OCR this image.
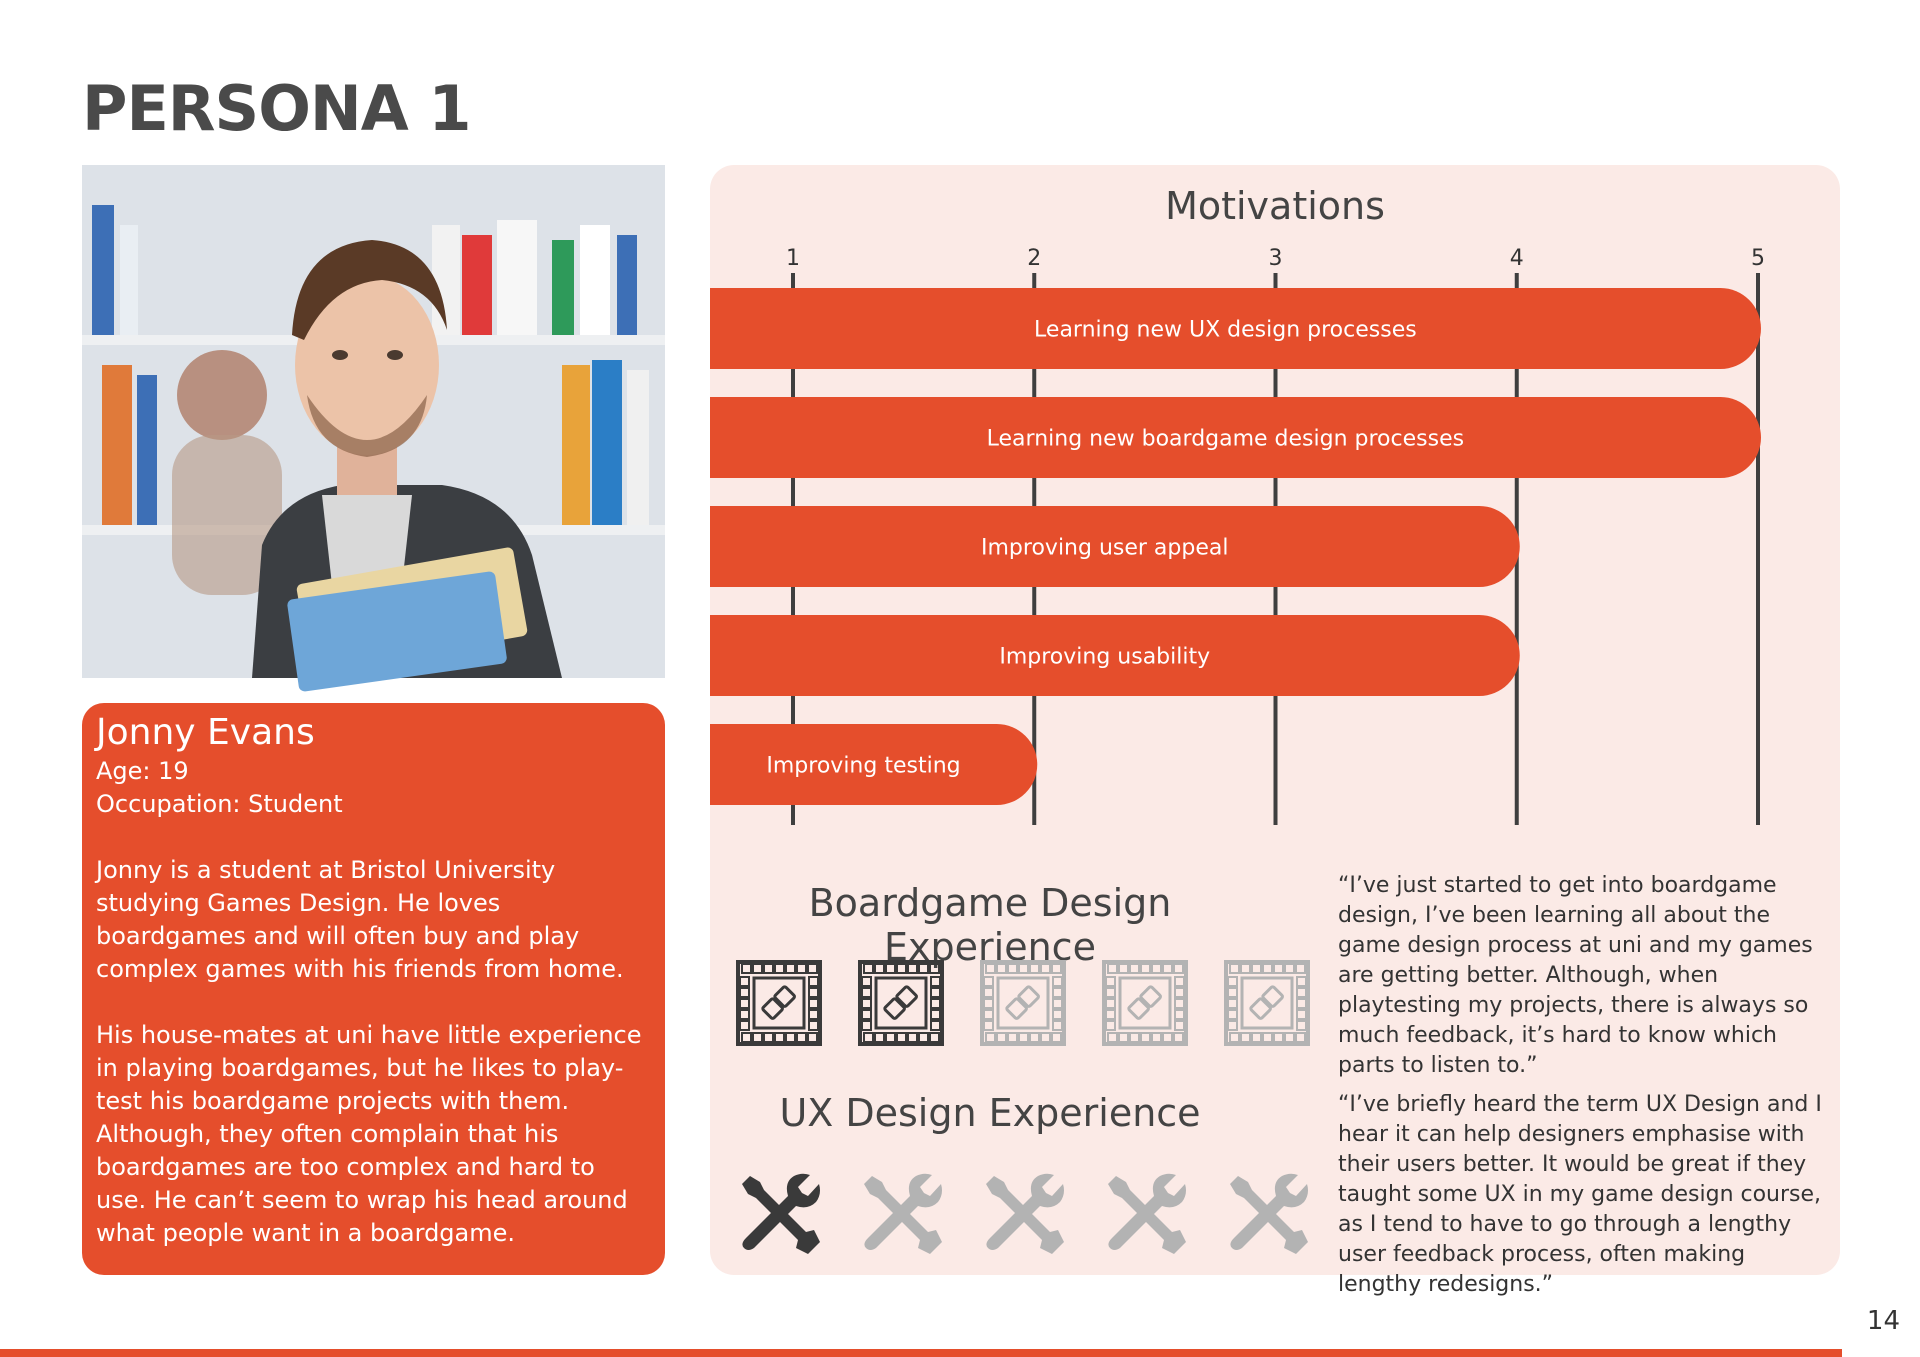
PERSONA 1
Jonny Evans

Age: 19

Occupation: Student

Jonny is a student at Bristol University studying Games Design. He loves boardgames and will often buy and play complex games with his friends from home.

His house-mates at uni have little experience in playing boardgames, but he likes to play-test his boardgame projects with them. Although, they often complain that his boardgames are too complex and hard to use. He can’t seem to wrap his head around what people want in a boardgame.

Motivations
1	2	3	4	5
Learning new UX design processes
Learning new boardgame design processes
Improving user appeal
Improving usability
Improving testing
Boardgame Design Experience
UX Design Experience

“I’ve just started to get into boardgame design, I’ve been learning all about the game design process at uni and my games are getting better. Although, when playtesting my projects, there is always so much feedback, it’s hard to know which parts to listen to.”

“I’ve briefly heard the term UX Design and I hear it can help designers emphasise with their users better. It would be great if they taught some UX in my game design course, as I tend to have to go through a lengthy user feedback process, often making lengthy redesigns.”

14
